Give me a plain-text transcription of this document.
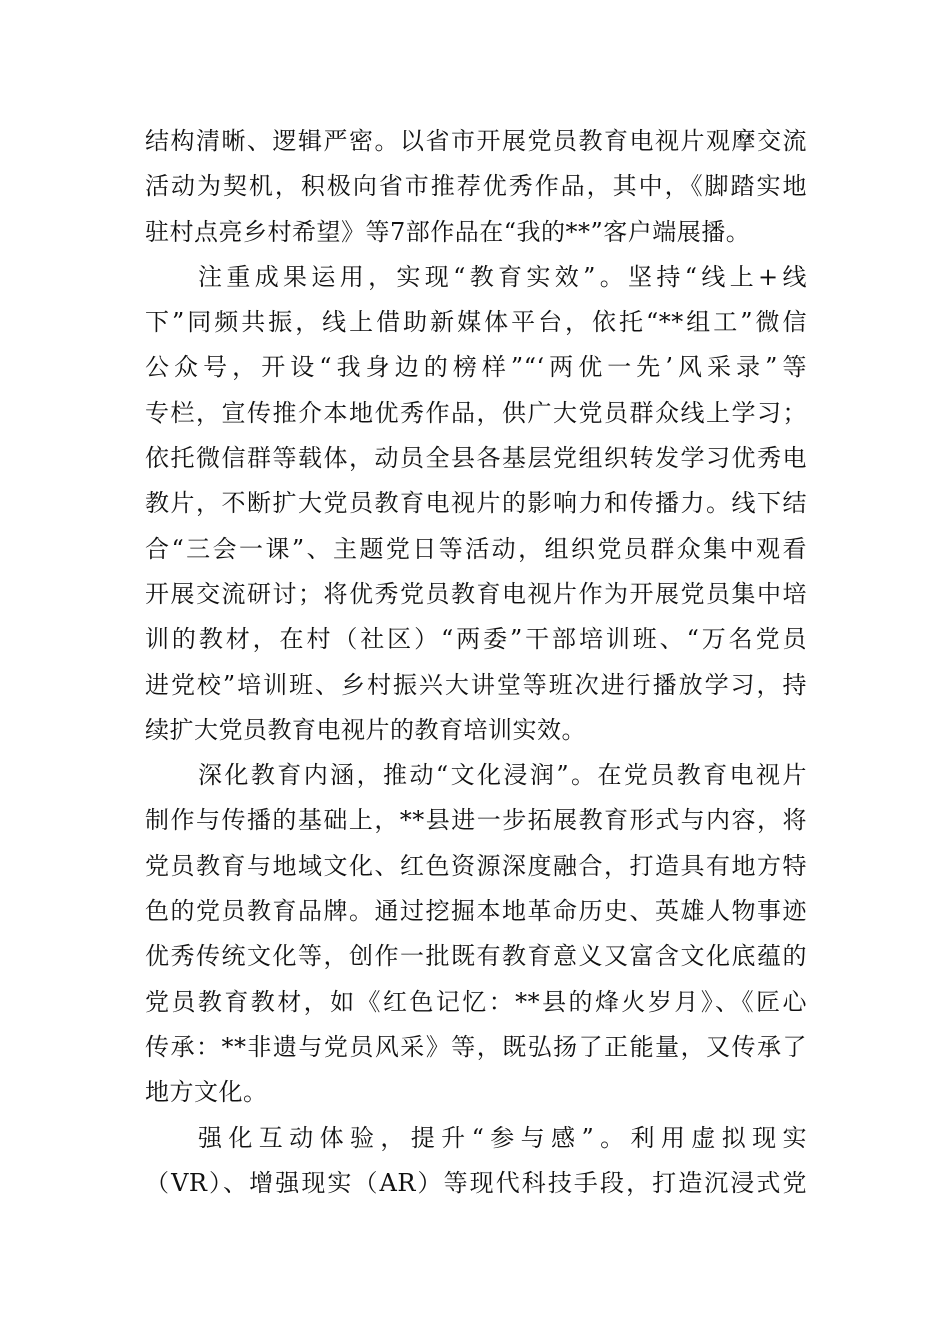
结构清晰、逻辑严密。以省市开展党员教育电视片观摩交流
活动为契机，积极向省市推荐优秀作品，其中，《脚踏实地
驻村点亮乡村希望》等7部作品在“我的**”客户端展播。
注重成果运用，实现“教育实效”。坚持“线上+线
下”同频共振，线上借助新媒体平台，依托“**组工”微信
公众号，开设“我身边的榜样”“‘两优一先’风采录”等
专栏，宣传推介本地优秀作品，供广大党员群众线上学习；
依托微信群等载体，动员全县各基层党组织转发学习优秀电
教片，不断扩大党员教育电视片的影响力和传播力。线下结
合“三会一课”、主题党日等活动，组织党员群众集中观看
开展交流研讨；将优秀党员教育电视片作为开展党员集中培
训的教材，在村（社区）“两委”干部培训班、“万名党员
进党校”培训班、乡村振兴大讲堂等班次进行播放学习，持
续扩大党员教育电视片的教育培训实效。
深化教育内涵，推动“文化浸润”。在党员教育电视片
制作与传播的基础上，**县进一步拓展教育形式与内容，将
党员教育与地域文化、红色资源深度融合，打造具有地方特
色的党员教育品牌。通过挖掘本地革命历史、英雄人物事迹
优秀传统文化等，创作一批既有教育意义又富含文化底蕴的
党员教育教材，如《红色记忆：**县的烽火岁月》、《匠心
传承：**非遗与党员风采》等，既弘扬了正能量，又传承了
地方文化。
强化互动体验，提升“参与感”。利用虚拟现实
（VR）、增强现实（AR）等现代科技手段，打造沉浸式党
